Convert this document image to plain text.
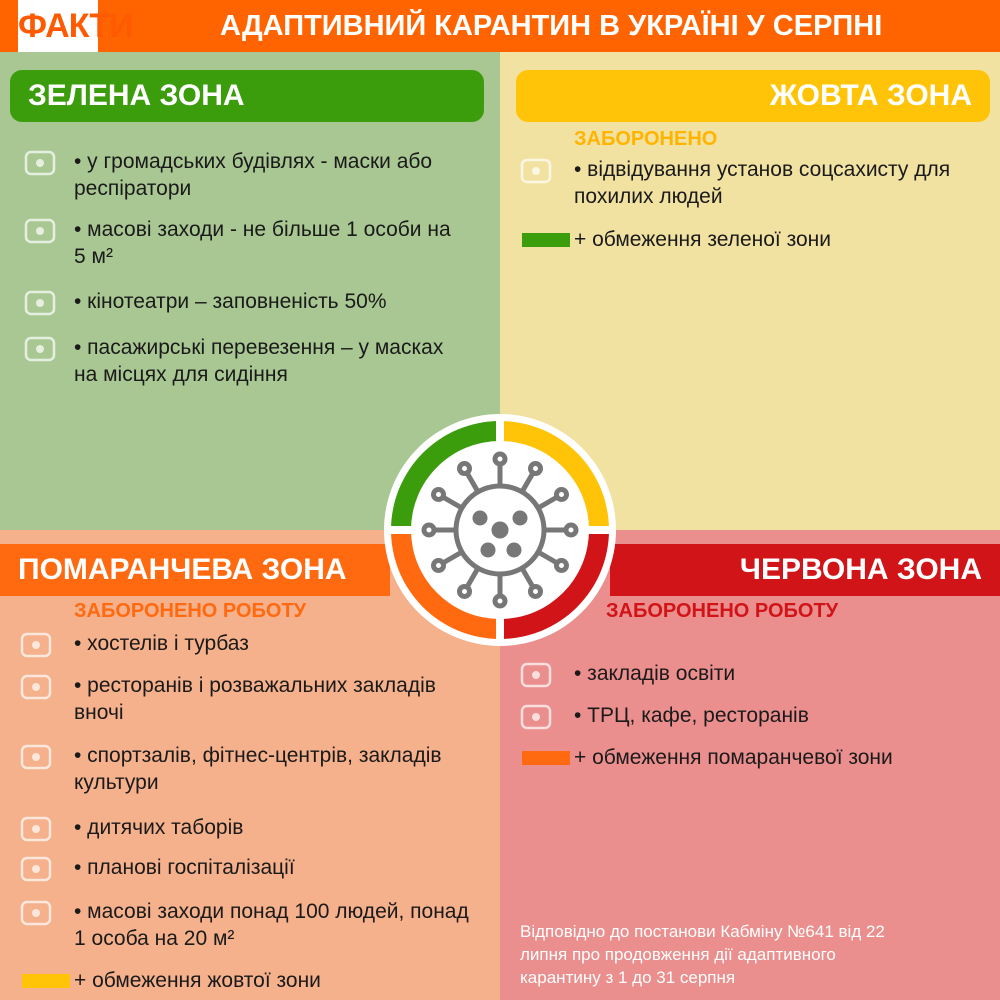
ФАКТИ	АДАПТИВНИЙ КАРАНТИН В УКРАЇНІ У СЕРПНІ
ЗЕЛЕНА ЗОНА	ЖОВТА ЗОНА
ПОМАРАНЧЕВА ЗОНА	ЧЕРВОНА ЗОНА
• у громадських будівлях - маски або респіратори
• масові заходи - не більше 1 особи на 5 м²
• кінотеатри – заповненість 50%
• пасажирські перевезення – у масках на місцях для сидіння
• відвідування установ соцсахисту для похилих людей
• хостелів і турбаз
• ресторанів і розважальних закладів вночі
• спортзалів, фітнес-центрів, закладів культури
• дитячих таборів
• планові госпіталізації
• масові заходи понад 100 людей, понад 1 особа на 20 м²
• закладів освіти
• ТРЦ, кафе, ресторанів
ЗАБОРОНЕНО
ЗАБОРОНЕНО РОБОТУ	ЗАБОРОНЕНО РОБОТУ
+ обмеження зеленої зони
+ обмеження жовтої зони
+ обмеження помаранчевої зони
Відповідно до постанови Кабміну №641 від 22 липня про продовження дії адаптивного карантину з 1 до 31 серпня
